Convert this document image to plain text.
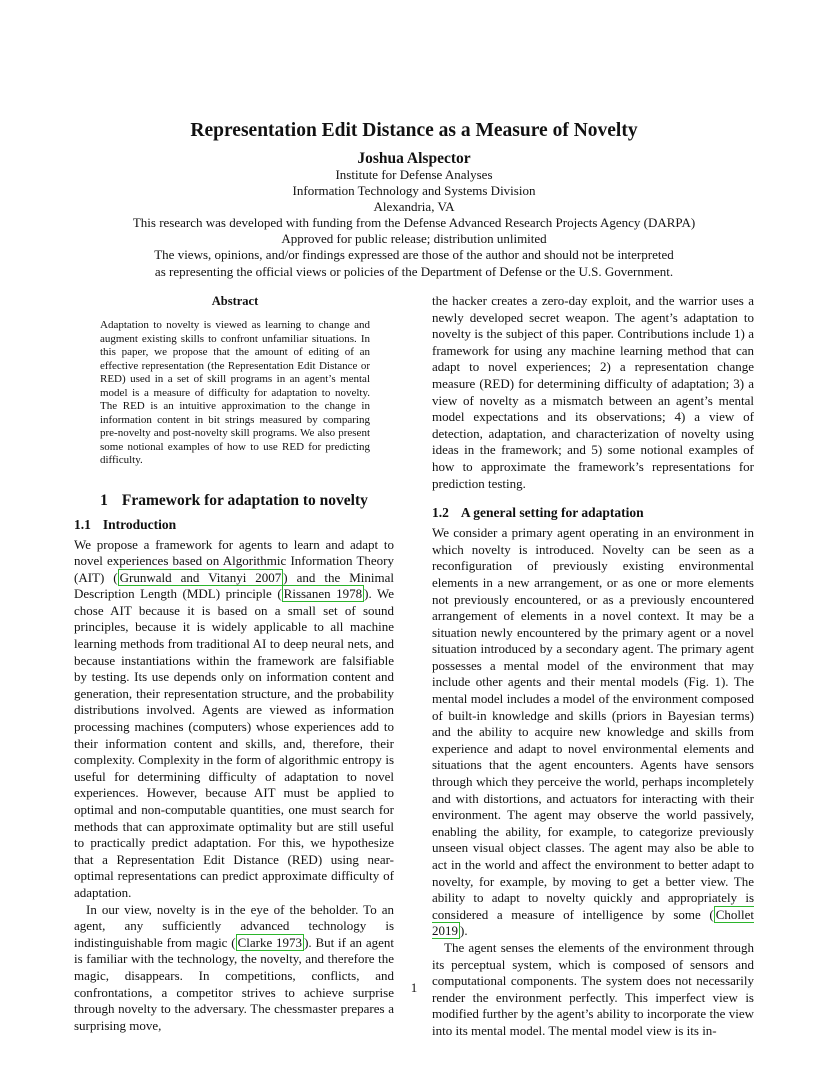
Representation Edit Distance as a Measure of Novelty
Joshua Alspector
Institute for Defense Analyses
Information Technology and Systems Division
Alexandria, VA
This research was developed with funding from the Defense Advanced Research Projects Agency (DARPA)
Approved for public release; distribution unlimited
The views, opinions, and/or findings expressed are those of the author and should not be interpreted
as representing the official views or policies of the Department of Defense or the U.S. Government.
Abstract

Adaptation to novelty is viewed as learning to change and augment existing skills to confront unfamiliar situations. In this paper, we propose that the amount of editing of an effective representation (the Representation Edit Distance or RED) used in a set of skill programs in an agent’s mental model is a measure of difficulty for adaptation to novelty. The RED is an intuitive approximation to the change in information content in bit strings measured by comparing pre-novelty and post-novelty skill programs. We also present some notional examples of how to use RED for predicting difficulty.

1 Framework for adaptation to novelty
1.1 Introduction

We propose a framework for agents to learn and adapt to novel experiences based on Algorithmic Information Theory (AIT) ( Grunwald and Vitanyi 2007 ) and the Minimal Description Length (MDL) principle ( Rissanen 1978 ). We chose AIT because it is based on a small set of sound principles, because it is widely applicable to all machine learning methods from traditional AI to deep neural nets, and because instantiations within the framework are falsifiable by testing. Its use depends only on information content and generation, their representation structure, and the probability distributions involved. Agents are viewed as information processing machines (computers) whose experiences add to their information content and skills, and, therefore, their complexity. Complexity in the form of algorithmic entropy is useful for determining difficulty of adaptation to novel experiences. However, because AIT must be applied to optimal and non-computable quantities, one must search for methods that can approximate optimality but are still useful to practically predict adaptation. For this, we hypothesize that a Representation Edit Distance (RED) using near-optimal representations can predict approximate difficulty of adaptation.

In our view, novelty is in the eye of the beholder. To an agent, any sufficiently advanced technology is indistinguishable from magic ( Clarke 1973 ). But if an agent is familiar with the technology, the novelty, and therefore the magic, disappears. In competitions, conflicts, and confrontations, a competitor strives to achieve surprise through novelty to the adversary. The chessmaster prepares a surprising move,

the hacker creates a zero-day exploit, and the warrior uses a newly developed secret weapon. The agent’s adaptation to novelty is the subject of this paper. Contributions include 1) a framework for using any machine learning method that can adapt to novel experiences; 2) a representation change measure (RED) for determining difficulty of adaptation; 3) a view of novelty as a mismatch between an agent’s mental model expectations and its observations; 4) a view of detection, adaptation, and characterization of novelty using ideas in the framework; and 5) some notional examples of how to approximate the framework’s representations for prediction testing.

1.2 A general setting for adaptation

We consider a primary agent operating in an environment in which novelty is introduced. Novelty can be seen as a reconfiguration of previously existing environmental elements in a new arrangement, or as one or more elements not previously encountered, or as a previously encountered arrangement of elements in a novel context. It may be a situation newly encountered by the primary agent or a novel situation introduced by a secondary agent. The primary agent possesses a mental model of the environment that may include other agents and their mental models (Fig. 1). The mental model includes a model of the environment composed of built-in knowledge and skills (priors in Bayesian terms) and the ability to acquire new knowledge and skills from experience and adapt to novel environmental elements and situations that the agent encounters. Agents have sensors through which they perceive the world, perhaps incompletely and with distortions, and actuators for interacting with their environment. The agent may observe the world passively, enabling the ability, for example, to categorize previously unseen visual object classes. The agent may also be able to act in the world and affect the environment to better adapt to novelty, for example, by moving to get a better view. The ability to adapt to novelty quickly and appropriately is considered a measure of intelligence by some ( Chollet 2019 ).

The agent senses the elements of the environment through its perceptual system, which is composed of sensors and computational components. The system does not necessarily render the environment perfectly. This imperfect view is modified further by the agent’s ability to incorporate the view into its mental model. The mental model view is its in-

1
